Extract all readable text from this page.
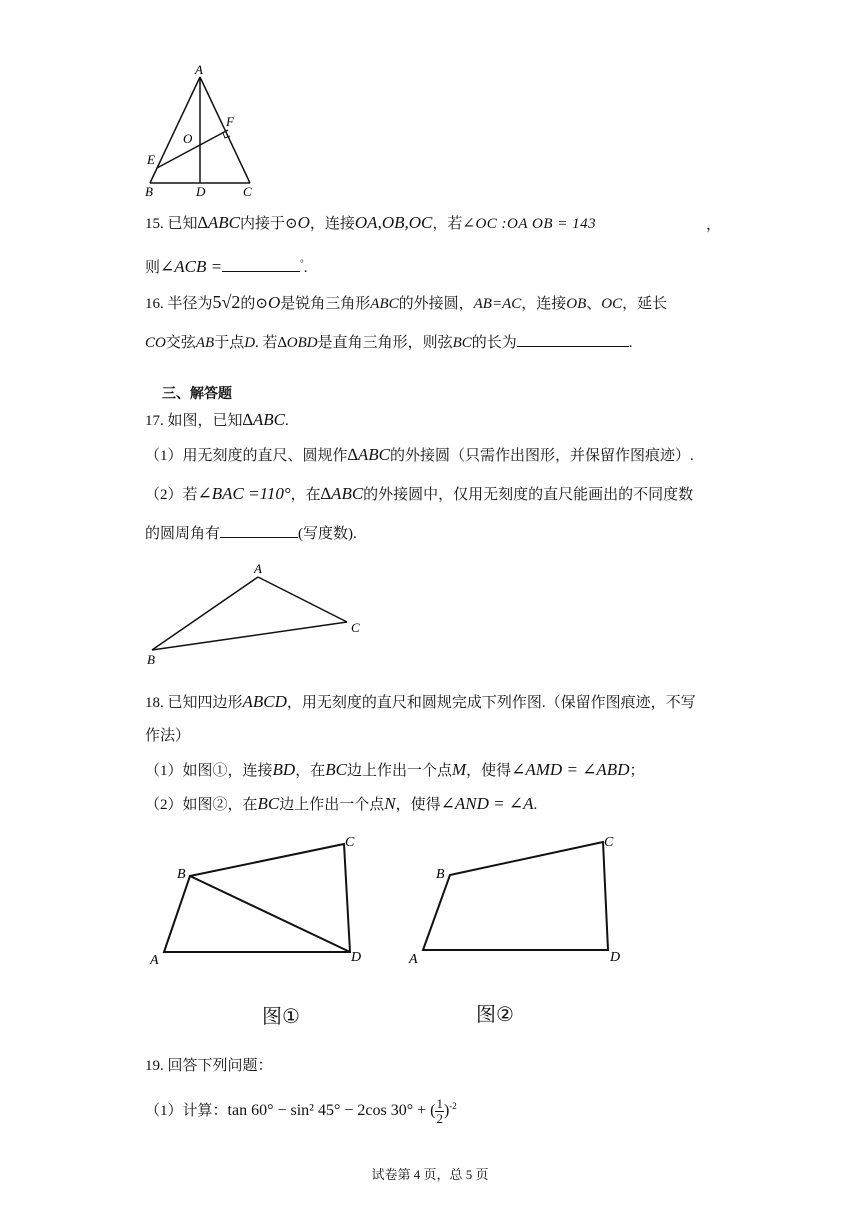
A
O
F
E
B	D	C
15. 已知∆ABC内接于⊙O，连接OA,OB,OC，若∠OC :OA OB = 143	，
则∠ACB =	°.
16. 半径为5√2的⊙O是锐角三角形ABC的外接圆，AB=AC，连接OB、OC，延长
CO交弦AB于点D. 若∆OBD是直角三角形，则弦BC的长为	.
三、解答题
17. 如图，已知∆ABC.
（1）用无刻度的直尺、圆规作∆ABC的外接圆（只需作出图形，并保留作图痕迹）.
（2）若∠BAC =110°，在∆ABC的外接圆中，仅用无刻度的直尺能画出的不同度数
的圆周角有	(写度数).
A
B
C
18. 已知四边形ABCD，用无刻度的直尺和圆规完成下列作图.（保留作图痕迹，不写
作法）
（1）如图①，连接BD，在BC边上作出一个点M，使得∠AMD = ∠ABD；
（2）如图②，在BC边上作出一个点N，使得∠AND = ∠A.
A
B
C
D	A
B
C
D
图①	图②
19. 回答下列问题：
（1）计算：tan 60° − sin² 45° − 2cos 30° + ( $\frac{1}{2} )^{-2}$
试卷第 4 页，总 5 页
